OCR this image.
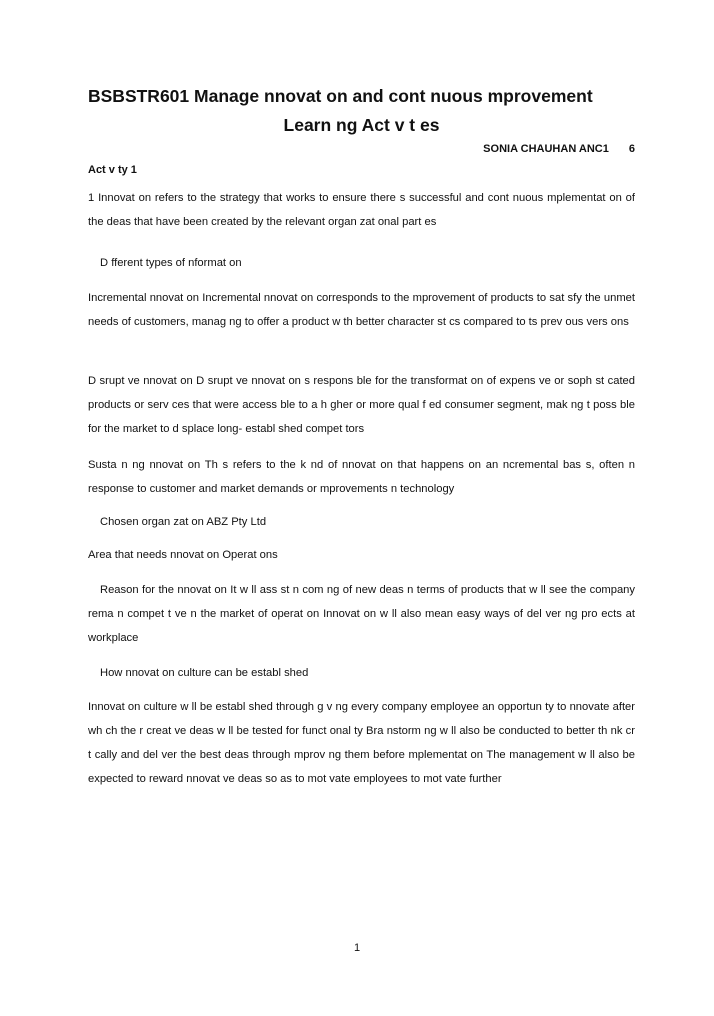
BSBSTR601 Manage nnovat on and cont nuous mprovement
Learn ng Act v t es
SONIA CHAUHAN ANC1 6
Act v ty 1

1 Innovat on refers to the strategy that works to ensure there s successful and cont nuous mplementat on of the deas that have been created by the relevant organ zat onal part es

D fferent types of nformat on

Incremental nnovat on Incremental nnovat on corresponds to the mprovement of products to sat sfy the unmet needs of customers, manag ng to offer a product w th better character st cs compared to ts prev ous vers ons

D srupt ve nnovat on D srupt ve nnovat on s respons ble for the transformat on of expens ve or soph st cated products or serv ces that were access ble to a h gher or more qual f ed consumer segment, mak ng t poss ble for the market to d splace long- establ shed compet tors

Susta n ng nnovat on Th s refers to the k nd of nnovat on that happens on an ncremental bas s, often n response to customer and market demands or mprovements n technology

Chosen organ zat on ABZ Pty Ltd

Area that needs nnovat on Operat ons

Reason for the nnovat on It w ll ass st n com ng of new deas n terms of products that w ll see the company rema n compet t ve n the market of operat on Innovat on w ll also mean easy ways of del ver ng pro ects at workplace

How nnovat on culture can be establ shed

Innovat on culture w ll be establ shed through g v ng every company employee an opportun ty to nnovate after wh ch the r creat ve deas w ll be tested for funct onal ty Bra nstorm ng w ll also be conducted to better th nk cr t cally and del ver the best deas through mprov ng them before mplementat on The management w ll also be expected to reward nnovat ve deas so as to mot vate employees to mot vate further

1
